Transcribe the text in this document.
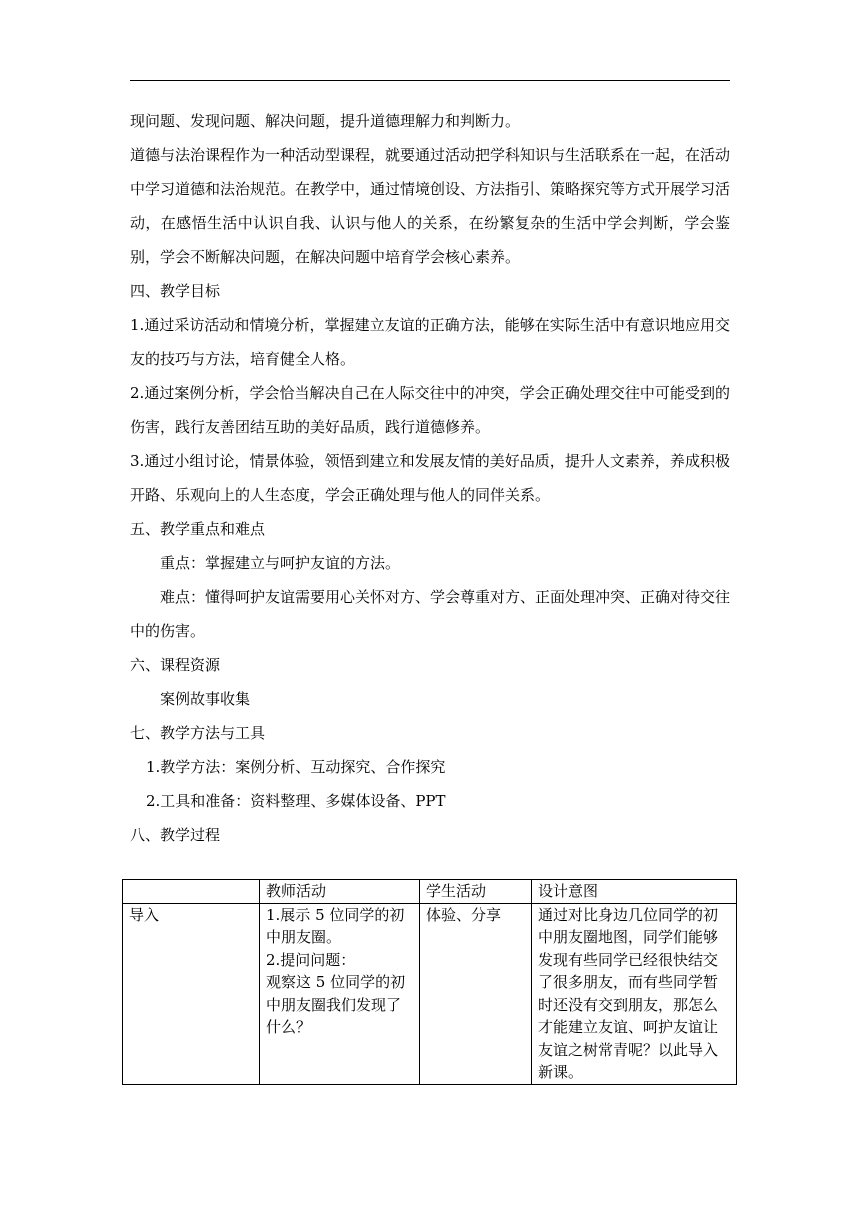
现问题、发现问题、解决问题，提升道德理解力和判断力。

道德与法治课程作为一种活动型课程，就要通过活动把学科知识与生活联系在一起，在活动中学习道德和法治规范。在教学中，通过情境创设、方法指引、策略探究等方式开展学习活动，在感悟生活中认识自我、认识与他人的关系，在纷繁复杂的生活中学会判断，学会鉴别，学会不断解决问题，在解决问题中培育学会核心素养。

四、教学目标

1.通过采访活动和情境分析，掌握建立友谊的正确方法，能够在实际生活中有意识地应用交友的技巧与方法，培育健全人格。

2.通过案例分析，学会恰当解决自己在人际交往中的冲突，学会正确处理交往中可能受到的伤害，践行友善团结互助的美好品质，践行道德修养。

3.通过小组讨论，情景体验，领悟到建立和发展友情的美好品质，提升人文素养，养成积极开路、乐观向上的人生态度，学会正确处理与他人的同伴关系。

五、教学重点和难点

重点：掌握建立与呵护友谊的方法。

难点：懂得呵护友谊需要用心关怀对方、学会尊重对方、正面处理冲突、正确对待交往中的伤害。

六、课程资源

案例故事收集

七、教学方法与工具

1.教学方法：案例分析、互动探究、合作探究

2.工具和准备：资料整理、多媒体设备、PPT

八、教学过程

	教师活动	学生活动	设计意图
导入	1.展示 5 位同学的初中朋友圈。
2.提问问题：
观察这 5 位同学的初中朋友圈我们发现了什么？	体验、分享	通过对比身边几位同学的初中朋友圈地图，同学们能够发现有些同学已经很快结交了很多朋友，而有些同学暂时还没有交到朋友，那怎么才能建立友谊、呵护友谊让友谊之树常青呢？以此导入新课。
